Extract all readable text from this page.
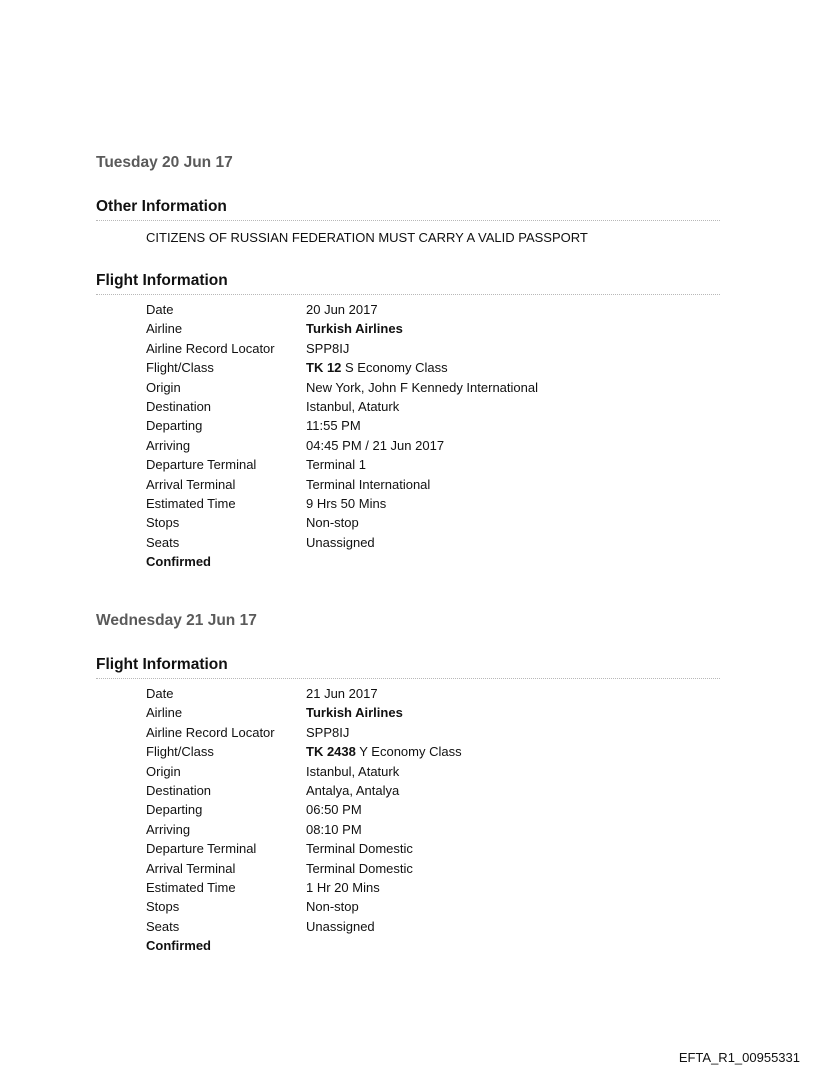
Tuesday 20 Jun 17
Other Information
CITIZENS OF RUSSIAN FEDERATION MUST CARRY A VALID PASSPORT
Flight Information
Date	20 Jun 2017
Airline	Turkish Airlines
Airline Record Locator	SPP8IJ
Flight/Class	TK 12 S Economy Class
Origin	New York, John F Kennedy International
Destination	Istanbul, Ataturk
Departing	11:55 PM
Arriving	04:45 PM / 21 Jun 2017
Departure Terminal	Terminal 1
Arrival Terminal	Terminal International
Estimated Time	9 Hrs 50 Mins
Stops	Non-stop
Seats	Unassigned
Confirmed
Wednesday 21 Jun 17
Flight Information
Date	21 Jun 2017
Airline	Turkish Airlines
Airline Record Locator	SPP8IJ
Flight/Class	TK 2438 Y Economy Class
Origin	Istanbul, Ataturk
Destination	Antalya, Antalya
Departing	06:50 PM
Arriving	08:10 PM
Departure Terminal	Terminal Domestic
Arrival Terminal	Terminal Domestic
Estimated Time	1 Hr 20 Mins
Stops	Non-stop
Seats	Unassigned
Confirmed
EFTA_R1_00955331
